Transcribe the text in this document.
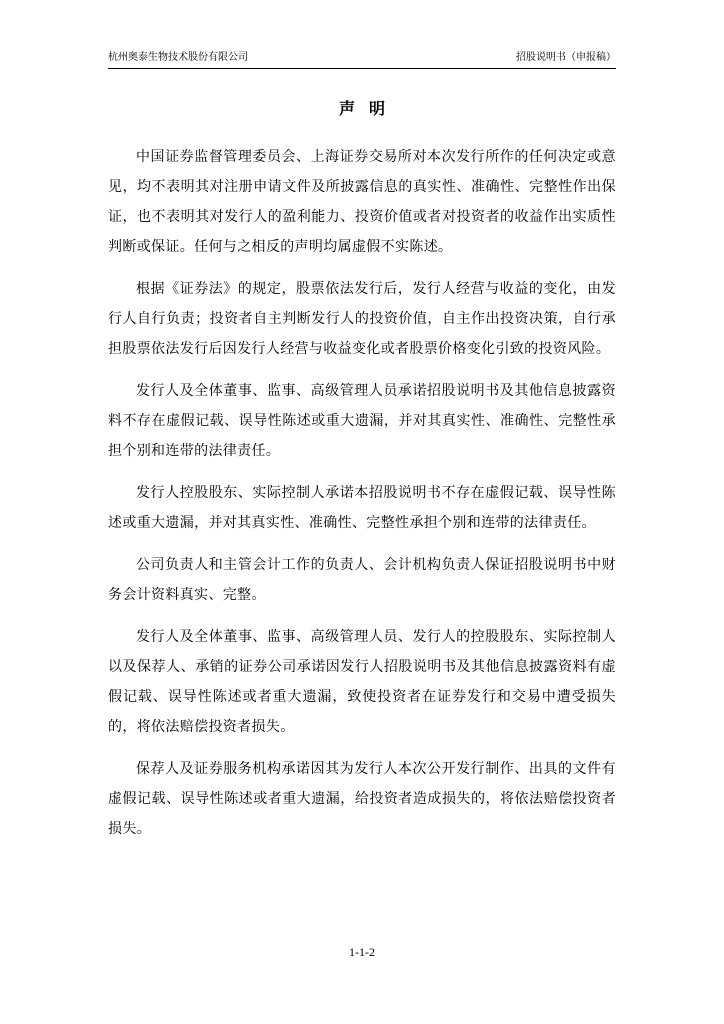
杭州奥泰生物技术股份有限公司	招股说明书（申报稿）
声明

中国证券监督管理委员会、上海证券交易所对本次发行所作的任何决定或意见，均不表明其对注册申请文件及所披露信息的真实性、准确性、完整性作出保证，也不表明其对发行人的盈利能力、投资价值或者对投资者的收益作出实质性判断或保证。任何与之相反的声明均属虚假不实陈述。

根据《证券法》的规定，股票依法发行后，发行人经营与收益的变化，由发行人自行负责；投资者自主判断发行人的投资价值，自主作出投资决策，自行承担股票依法发行后因发行人经营与收益变化或者股票价格变化引致的投资风险。

发行人及全体董事、监事、高级管理人员承诺招股说明书及其他信息披露资料不存在虚假记载、误导性陈述或重大遗漏，并对其真实性、准确性、完整性承担个别和连带的法律责任。

发行人控股股东、实际控制人承诺本招股说明书不存在虚假记载、误导性陈述或重大遗漏，并对其真实性、准确性、完整性承担个别和连带的法律责任。

公司负责人和主管会计工作的负责人、会计机构负责人保证招股说明书中财务会计资料真实、完整。

发行人及全体董事、监事、高级管理人员、发行人的控股股东、实际控制人以及保荐人、承销的证券公司承诺因发行人招股说明书及其他信息披露资料有虚假记载、误导性陈述或者重大遗漏，致使投资者在证券发行和交易中遭受损失的，将依法赔偿投资者损失。

保荐人及证券服务机构承诺因其为发行人本次公开发行制作、出具的文件有虚假记载、误导性陈述或者重大遗漏，给投资者造成损失的，将依法赔偿投资者损失。

1-1-2
